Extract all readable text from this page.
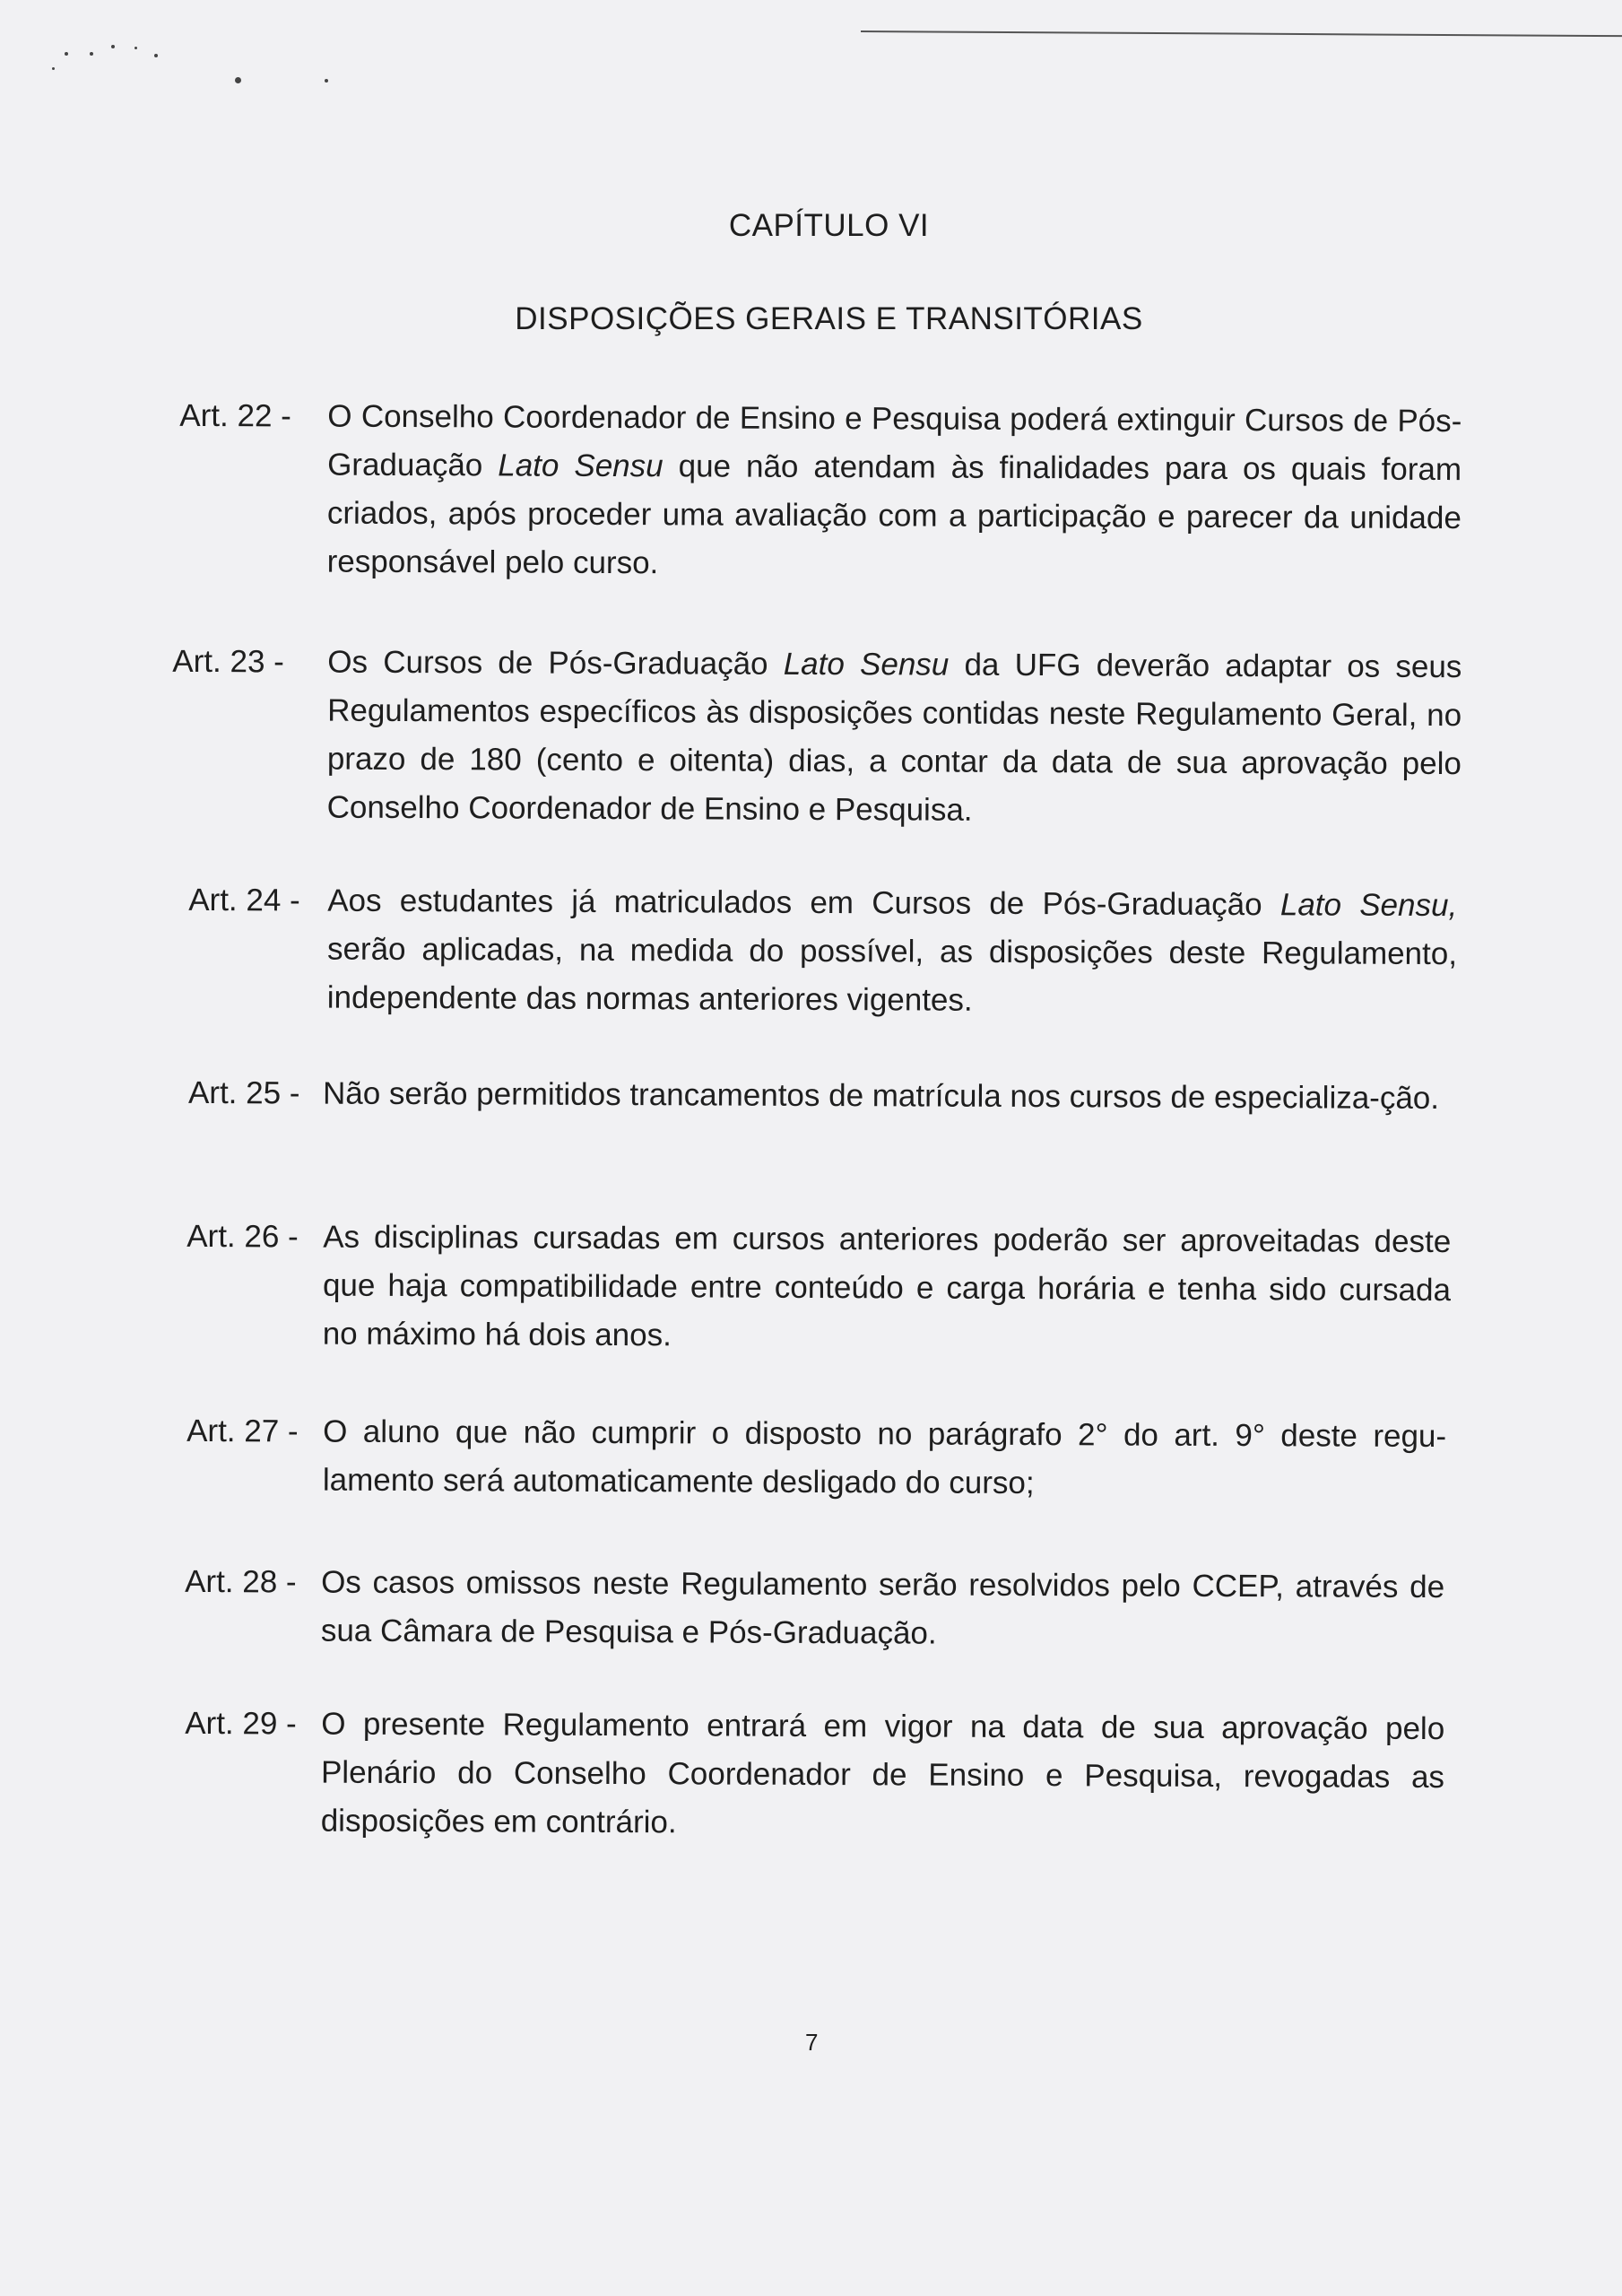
CAPÍTULO VI
DISPOSIÇÕES GERAIS E TRANSITÓRIAS
Art. 22 - O Conselho Coordenador de Ensino e Pesquisa poderá extinguir Cursos de Pós-Graduação Lato Sensu que não atendam às finalidades para os quais foram criados, após proceder uma avaliação com a participação e parecer da unidade responsável pelo curso.
Art. 23 - Os Cursos de Pós-Graduação Lato Sensu da UFG deverão adaptar os seus Regulamentos específicos às disposições contidas neste Regulamento Geral, no prazo de 180 (cento e oitenta) dias, a contar da data de sua aprovação pelo Conselho Coordenador de Ensino e Pesquisa.
Art. 24 - Aos estudantes já matriculados em Cursos de Pós-Graduação Lato Sensu, serão aplicadas, na medida do possível, as disposições deste Regulamento, independente das normas anteriores vigentes.
Art. 25 - Não serão permitidos trancamentos de matrícula nos cursos de especializa-ção.
Art. 26 - As disciplinas cursadas em cursos anteriores poderão ser aproveitadas deste que haja compatibilidade entre conteúdo e carga horária e tenha sido cursada no máximo há dois anos.
Art. 27 - O aluno que não cumprir o disposto no parágrafo 2° do art. 9° deste regu-lamento será automaticamente desligado do curso;
Art. 28 - Os casos omissos neste Regulamento serão resolvidos pelo CCEP, através de sua Câmara de Pesquisa e Pós-Graduação.
Art. 29 - O presente Regulamento entrará em vigor na data de sua aprovação pelo Plenário do Conselho Coordenador de Ensino e Pesquisa, revogadas as disposições em contrário.
7
